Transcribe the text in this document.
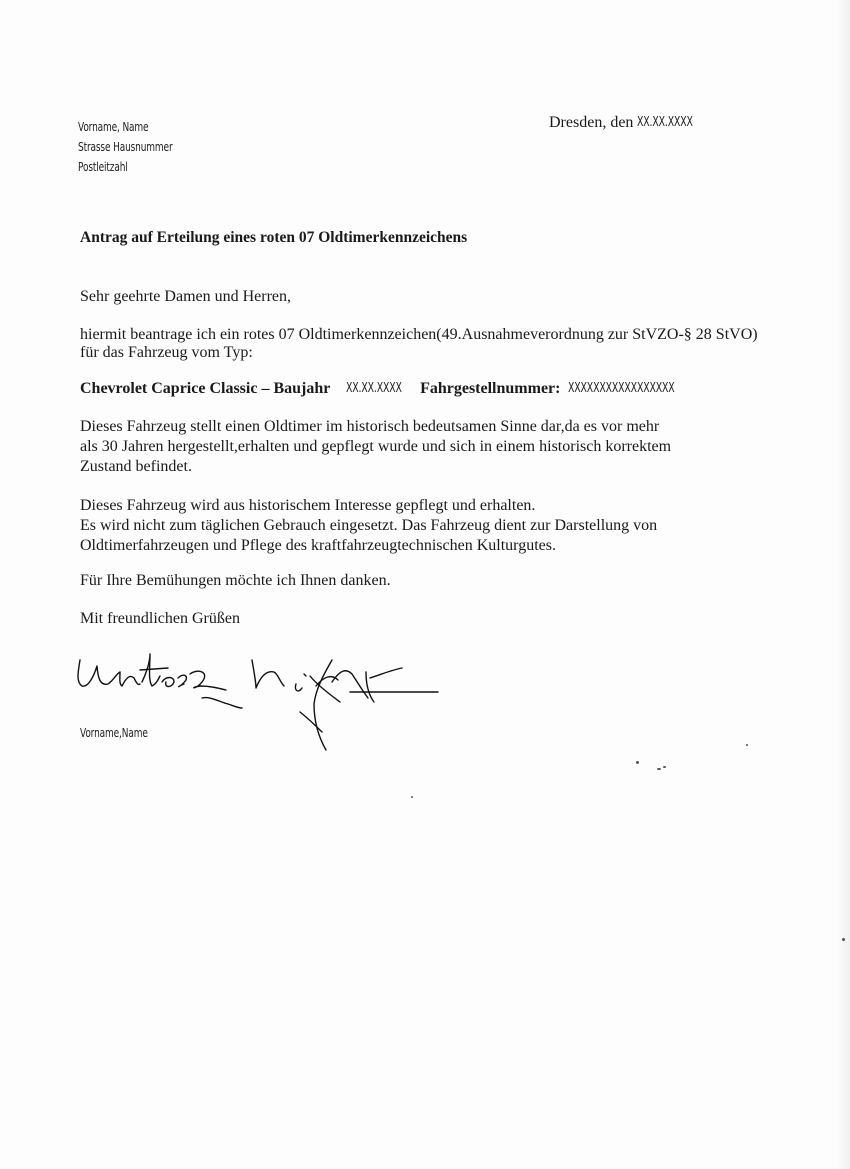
Vorname, Name
Strasse Hausnummer
Postleitzahl
Dresden, den XX.XX.XXXX
Antrag auf Erteilung eines roten 07 Oldtimerkennzeichens
Sehr geehrte Damen und Herren,
hiermit beantrage ich ein rotes 07 Oldtimerkennzeichen(49.Ausnahmeverordnung zur StVZO-§ 28 StVO)
für das Fahrzeug vom Typ:
Chevrolet Caprice Classic – Baujahr XX.XX.XXXX Fahrgestellnummer: XXXXXXXXXXXXXXXXX
Dieses Fahrzeug stellt einen Oldtimer im historisch bedeutsamen Sinne dar,da es vor mehr
als 30 Jahren hergestellt,erhalten und gepflegt wurde und sich in einem historisch korrektem
Zustand befindet.
Dieses Fahrzeug wird aus historischem Interesse gepflegt und erhalten.
Es wird nicht zum täglichen Gebrauch eingesetzt. Das Fahrzeug dient zur Darstellung von
Oldtimerfahrzeugen und Pflege des kraftfahrzeugtechnischen Kulturgutes.
Für Ihre Bemühungen möchte ich Ihnen danken.
Mit freundlichen Grüßen
Vorname,Name
